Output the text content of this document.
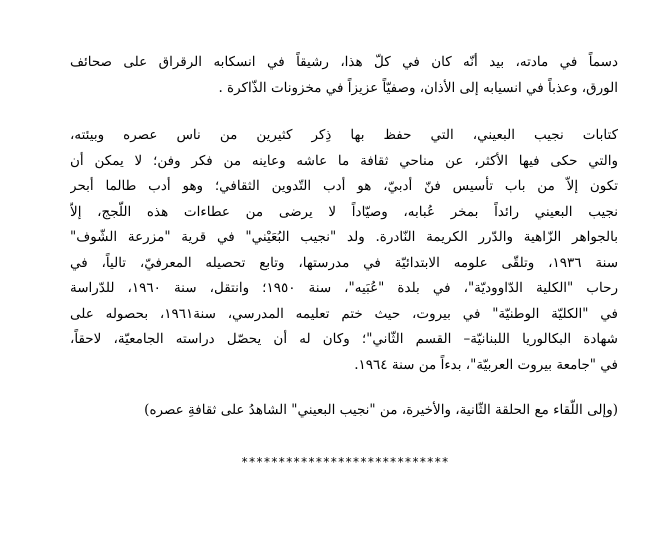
دسماً في مادته، بيد أنّه كان في كلّ هذا، رشيقاً في انسكابه الرقراق على صحائف
الورق، وعذباً في انسيابه إلى الأذان، وصفيّاً عزيزاً في مخزونات الذّاكرة .

كتابات نجيب البعيني، التي حفظ بها ذِكر كثيرين من ناس عصره وبيئته،
والتي حكى فيها الأكثر، عن مناحي ثقافة ما عاشه وعاينه من فكر وفن؛ لا يمكن أن
تكون إلاّ من باب تأسيس فنّ أدبيّ، هو أدب التّدوين الثقافي؛ وهو أدب طالما أبحر
نجيب البعيني رائداً بمخر عُبابه، وصيّاداً لا يرضى من عطاءات هذه اللّجج، إلاّ
بالجواهر الزّاهية والدّرر الكريمة النّادرة. ولد "نجيب البُعَيْني" في قرية "مزرعة الشّوف"
سنة ١٩٣٦، وتلقّى علومه الابتدائيّة في مدرستها، وتابع تحصيله المعرفيّ، تالياً، في
رحاب "الكلية الدّاووديّة"، في بلدة "عُبَيه"، سنة ١٩٥٠؛ وانتقل، سنة ١٩٦٠، للدّراسة
في "الكليّة الوطنيّة" في بيروت، حيث ختم تعليمه المدرسي، سنة١٩٦١، بحصوله على
شهادة البكالوريا اللبنانيّة– القسم الثّاني"؛ وكان له أن يحصّل دراسته الجامعيّة، لاحقاً،
في "جامعة بيروت العربيّة"، بدءاً من سنة ١٩٦٤.

(وإلى اللّقاء مع الحلقة الثّانية، والأخيرة، من "نجيب البعيني" الشاهدُ على ثقافةِ عصره)

****************************
